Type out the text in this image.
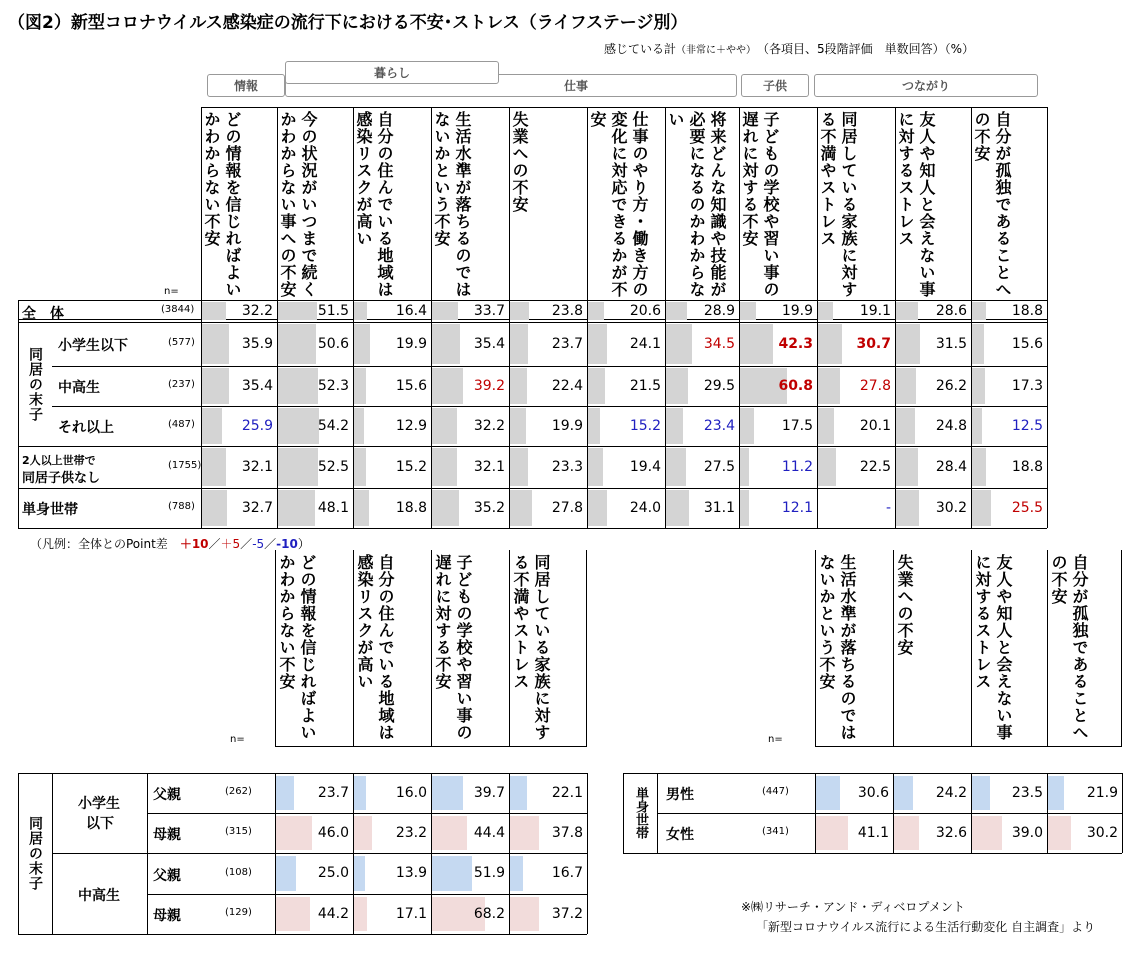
（図2）新型コロナウイルス感染症の流行下における不安･ストレス（ライフステージ別）
感じている計（非常に＋やや）　 （各項目、5段階評価　単数回答）（%）
情報
暮らし
仕事	子供	つながり
どの情報を信じればよいかわからない不安	今の状況がいつまで続くかわからない事への不安	自分の住んでいる地域は感染リスクが高い	生活水準が落ちるのではないかという不安	失業への不安	仕事のやり方・働き方の変化に対応できるかが不安	将来どんな知識や技能が必要になるのかわからない	子どもの学校や習い事の遅れに対する不安	同居している家族に対する不満やストレス	友人や知人と会えない事に対するストレス	自分が孤独であることへの不安
n=
全　体	(3844)	32.2	51.5	16.4	33.7	23.8	20.6	28.9	19.9	19.1	28.6	18.8
小学生以下	(577)	35.9	50.6	19.9	35.4	23.7	24.1	34.5	42.3	30.7	31.5	15.6
中高生	(237)	35.4	52.3	15.6	39.2	22.4	21.5	29.5	60.8	27.8	26.2	17.3
それ以上	(487)	25.9	54.2	12.9	32.2	19.9	15.2	23.4	17.5	20.1	24.8	12.5
2人以上世帯で
同居子供なし
(1755)	32.1	52.5	15.2	32.1	23.3	19.4	27.5	11.2	22.5	28.4	18.8
単身世帯	(788)	32.7	48.1	18.8	35.2	27.8	24.0	31.1	12.1	-	30.2	25.5
同居の末子
（凡例：全体とのPoint差　 ＋10／＋5／-5／-10）
どの情報を信じればよいかわからない不安	自分の住んでいる地域は感染リスクが高い	子どもの学校や習い事の遅れに対する不安	同居している家族に対する不満やストレス
n=
同居の末子
小学生
以下
中高生
父親	(262)	23.7	16.0	39.7	22.1
母親	(315)	46.0	23.2	44.4	37.8
父親	(108)	25.0	13.9	51.9	16.7
母親	(129)	44.2	17.1	68.2	37.2
生活水準が落ちるのではないかという不安	失業への不安	友人や知人と会えない事に対するストレス	自分が孤独であることへの不安
n=
単身世帯 男性	(447)	30.6	24.2	23.5	21.9
女性	(341)	41.1	32.6	39.0	30.2
※㈱リサーチ・アンド・ディベロプメント
「新型コロナウイルス流行による生活行動変化 自主調査」より
